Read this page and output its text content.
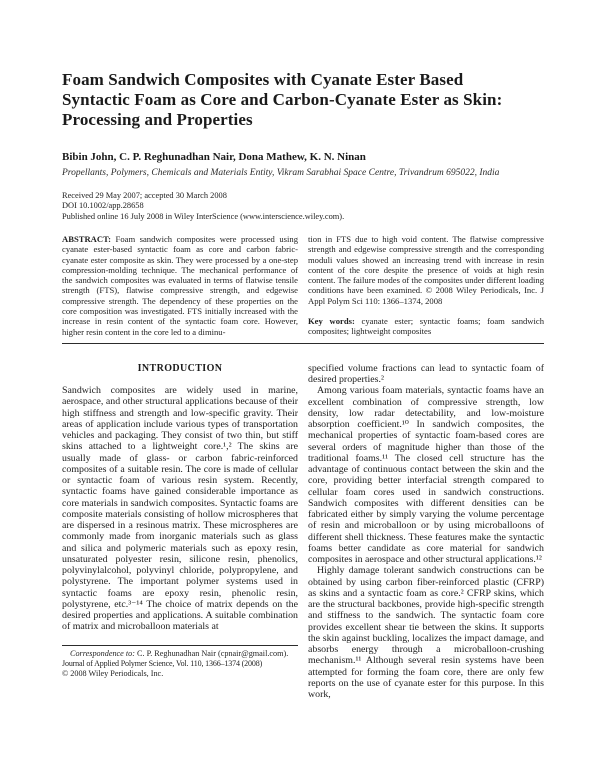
Foam Sandwich Composites with Cyanate Ester Based Syntactic Foam as Core and Carbon-Cyanate Ester as Skin: Processing and Properties
Bibin John, C. P. Reghunadhan Nair, Dona Mathew, K. N. Ninan
Propellants, Polymers, Chemicals and Materials Entity, Vikram Sarabhai Space Centre, Trivandrum 695022, India
Received 29 May 2007; accepted 30 March 2008
DOI 10.1002/app.28658
Published online 16 July 2008 in Wiley InterScience (www.interscience.wiley.com).

ABSTRACT: Foam sandwich composites were processed using cyanate ester-based syntactic foam as core and carbon fabric-cyanate ester composite as skin. They were processed by a one-step compression-molding technique. The mechanical performance of the sandwich composites was evaluated in terms of flatwise tensile strength (FTS), flatwise compressive strength, and edgewise compressive strength. The dependency of these properties on the core composition was investigated. FTS initially increased with the increase in resin content of the syntactic foam core. However, higher resin content in the core led to a diminu-

tion in FTS due to high void content. The flatwise compressive strength and edgewise compressive strength and the corresponding moduli values showed an increasing trend with increase in resin content of the core despite the presence of voids at high resin content. The failure modes of the composites under different loading conditions have been examined. © 2008 Wiley Periodicals, Inc. J Appl Polym Sci 110: 1366–1374, 2008

Key words: cyanate ester; syntactic foams; foam sandwich composites; lightweight composites

INTRODUCTION

Sandwich composites are widely used in marine, aerospace, and other structural applications because of their high stiffness and strength and low-specific gravity. Their areas of application include various types of transportation vehicles and packaging. They consist of two thin, but stiff skins attached to a lightweight core.¹,² The skins are usually made of glass- or carbon fabric-reinforced composites of a suitable resin. The core is made of cellular or syntactic foam of various resin system. Recently, syntactic foams have gained considerable importance as core materials in sandwich composites. Syntactic foams are composite materials consisting of hollow microspheres that are dispersed in a resinous matrix. These microspheres are commonly made from inorganic materials such as glass and silica and polymeric materials such as epoxy resin, unsaturated polyester resin, silicone resin, phenolics, polyvinylalcohol, polyvinyl chloride, polypropylene, and polystyrene. The important polymer systems used in syntactic foams are epoxy resin, phenolic resin, polystyrene, etc.³⁻¹⁴ The choice of matrix depends on the desired properties and applications. A suitable combination of matrix and microballoon materials at

Correspondence to: C. P. Reghunadhan Nair (cpnair@gmail.com).

Journal of Applied Polymer Science, Vol. 110, 1366–1374 (2008)

© 2008 Wiley Periodicals, Inc.

specified volume fractions can lead to syntactic foam of desired properties.²

Among various foam materials, syntactic foams have an excellent combination of compressive strength, low density, low radar detectability, and low-moisture absorption coefficient.¹⁰ In sandwich composites, the mechanical properties of syntactic foam-based cores are several orders of magnitude higher than those of the traditional foams.¹¹ The closed cell structure has the advantage of continuous contact between the skin and the core, providing better interfacial strength compared to cellular foam cores used in sandwich constructions. Sandwich composites with different densities can be fabricated either by simply varying the volume percentage of resin and microballoon or by using microballoons of different shell thickness. These features make the syntactic foams better candidate as core material for sandwich composites in aerospace and other structural applications.¹²

Highly damage tolerant sandwich constructions can be obtained by using carbon fiber-reinforced plastic (CFRP) as skins and a syntactic foam as core.² CFRP skins, which are the structural backbones, provide high-specific strength and stiffness to the sandwich. The syntactic foam core provides excellent shear tie between the skins. It supports the skin against buckling, localizes the impact damage, and absorbs energy through a microballoon-crushing mechanism.¹¹ Although several resin systems have been attempted for forming the foam core, there are only few reports on the use of cyanate ester for this purpose. In this work,
